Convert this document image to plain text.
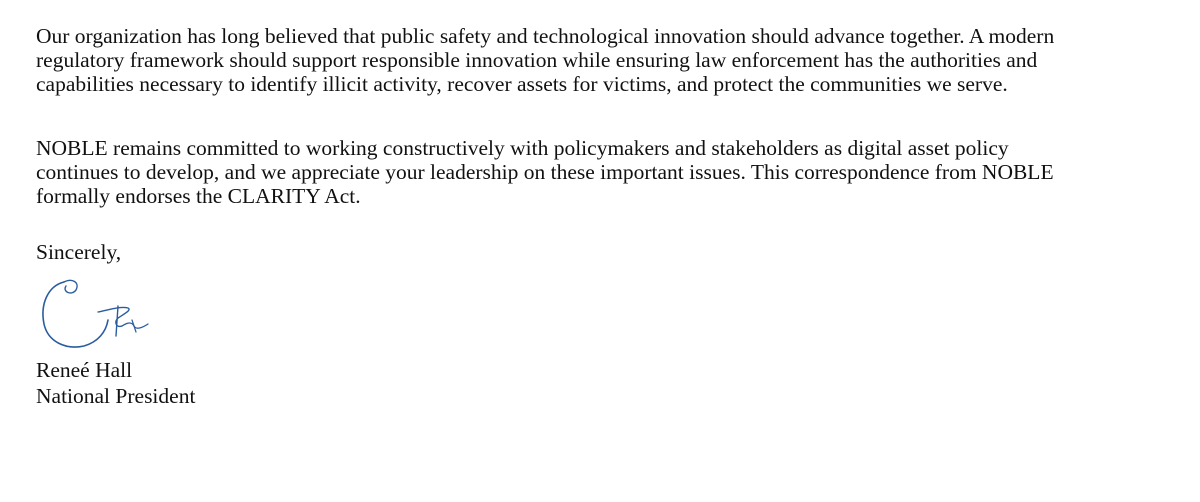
Our organization has long believed that public safety and technological innovation should advance together. A modern
regulatory framework should support responsible innovation while ensuring law enforcement has the authorities and
capabilities necessary to identify illicit activity, recover assets for victims, and protect the communities we serve.

NOBLE remains committed to working constructively with policymakers and stakeholders as digital asset policy
continues to develop, and we appreciate your leadership on these important issues. This correspondence from NOBLE
formally endorses the CLARITY Act.

Sincerely,

Reneé Hall

National President
